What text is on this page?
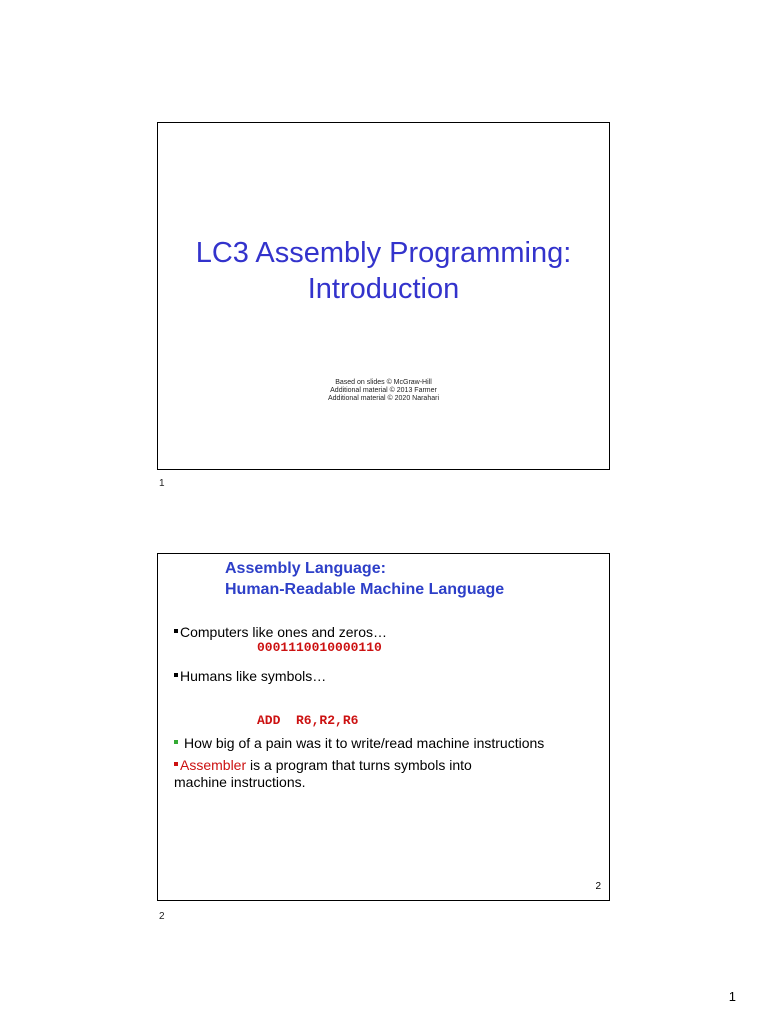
LC3 Assembly Programming:
Introduction
Based on slides © McGraw-Hill
Additional material © 2013 Farmer
Additional material © 2020 Narahari
1
Assembly Language:
Human-Readable Machine Language
Computers like ones and zeros…
0001110010000110
Humans like symbols…
ADD  R6,R2,R6
How big of a pain was it to write/read machine instructions
Assembler is a program that turns symbols into
machine instructions.
2
2
1
